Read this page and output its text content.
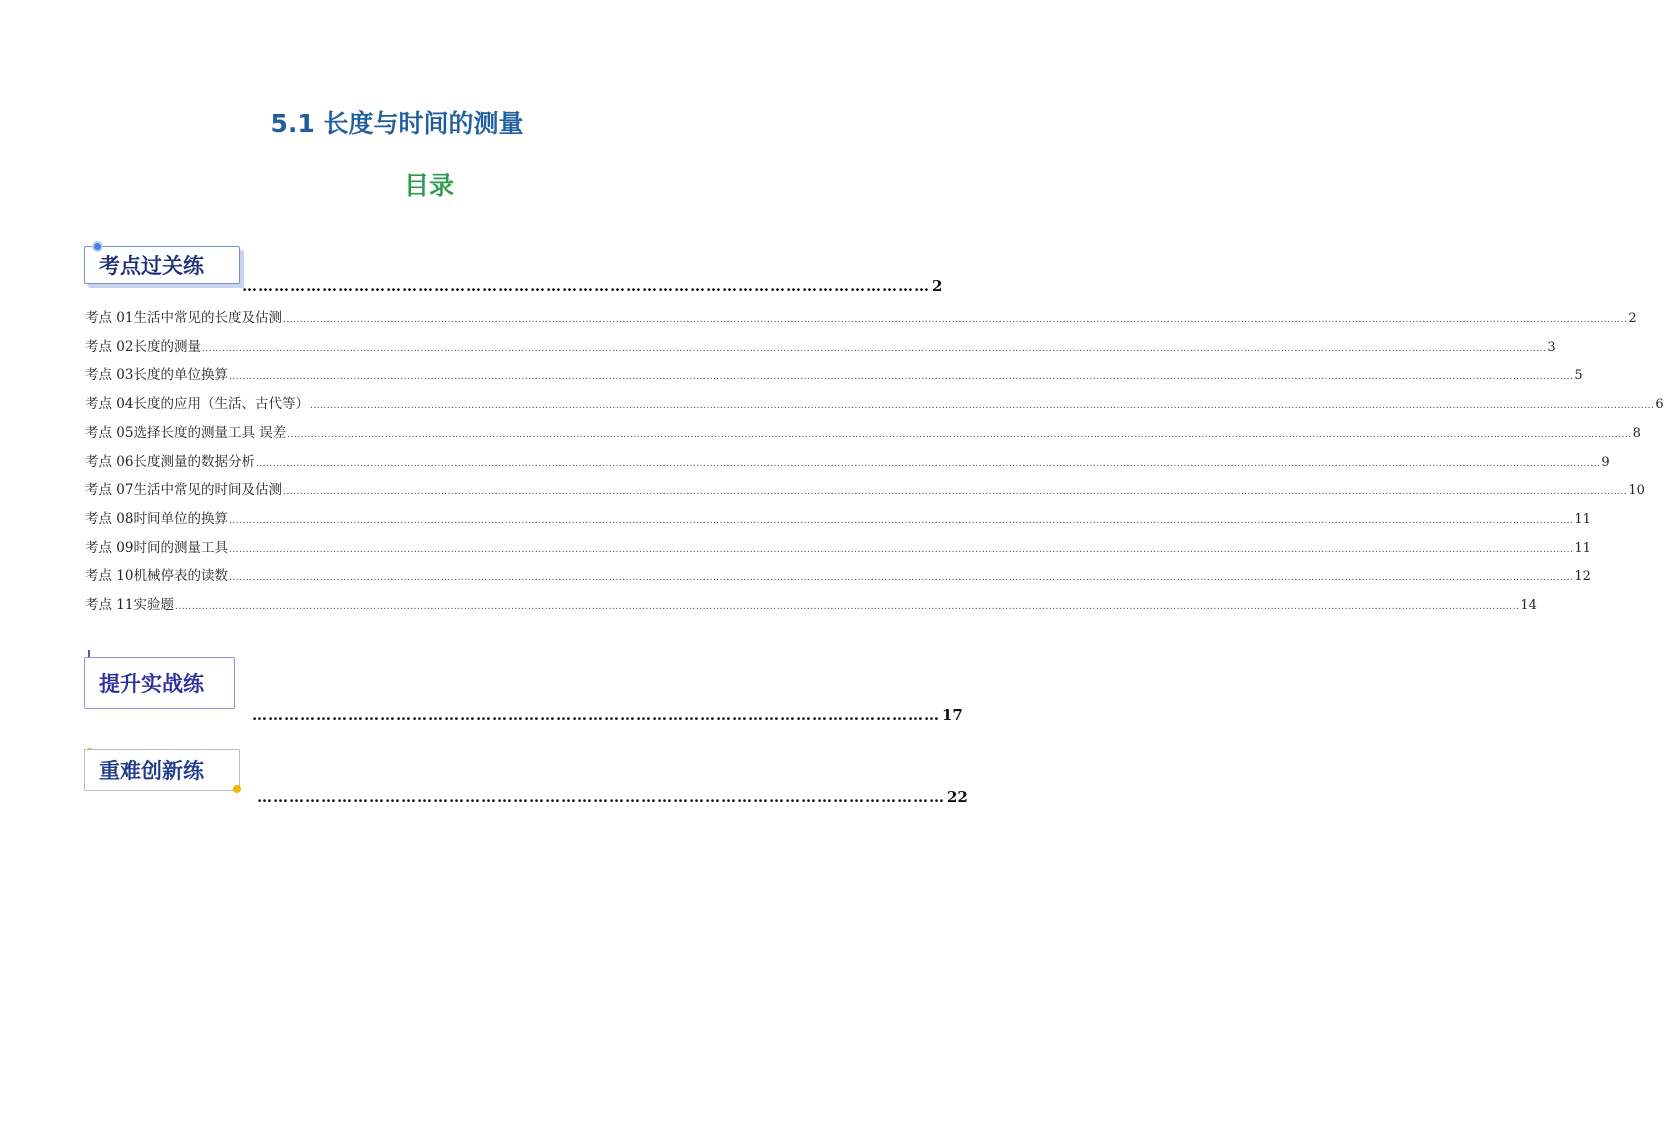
5.1 长度与时间的测量
目录
考点过关练
………………………………………………………………………………………………………………… 2
考点 01 生活中常见的长度及估测 ................................................................................................................................................................................................................................................................................................................................................................................................................ 2
考点 02 长度的测量 ................................................................................................................................................................................................................................................................................................................................................................................................................ 3
考点 03 长度的单位换算 ................................................................................................................................................................................................................................................................................................................................................................................................................ 5
考点 04 长度的应用（生活、古代等） ................................................................................................................................................................................................................................................................................................................................................................................................................ 6
考点 05 选择长度的测量工具 误差 ................................................................................................................................................................................................................................................................................................................................................................................................................ 8
考点 06 长度测量的数据分析 ................................................................................................................................................................................................................................................................................................................................................................................................................ 9
考点 07 生活中常见的时间及估测 ................................................................................................................................................................................................................................................................................................................................................................................................................ 10
考点 08 时间单位的换算 ................................................................................................................................................................................................................................................................................................................................................................................................................ 11
考点 09 时间的测量工具 ................................................................................................................................................................................................................................................................................................................................................................................................................ 11
考点 10 机械停表的读数 ................................................................................................................................................................................................................................................................................................................................................................................................................ 12
考点 11 实验题 ................................................................................................................................................................................................................................................................................................................................................................................................................ 14
提升实战练
………………………………………………………………………………………………………………… 17
重难创新练
………………………………………………………………………………………………………………… 22
